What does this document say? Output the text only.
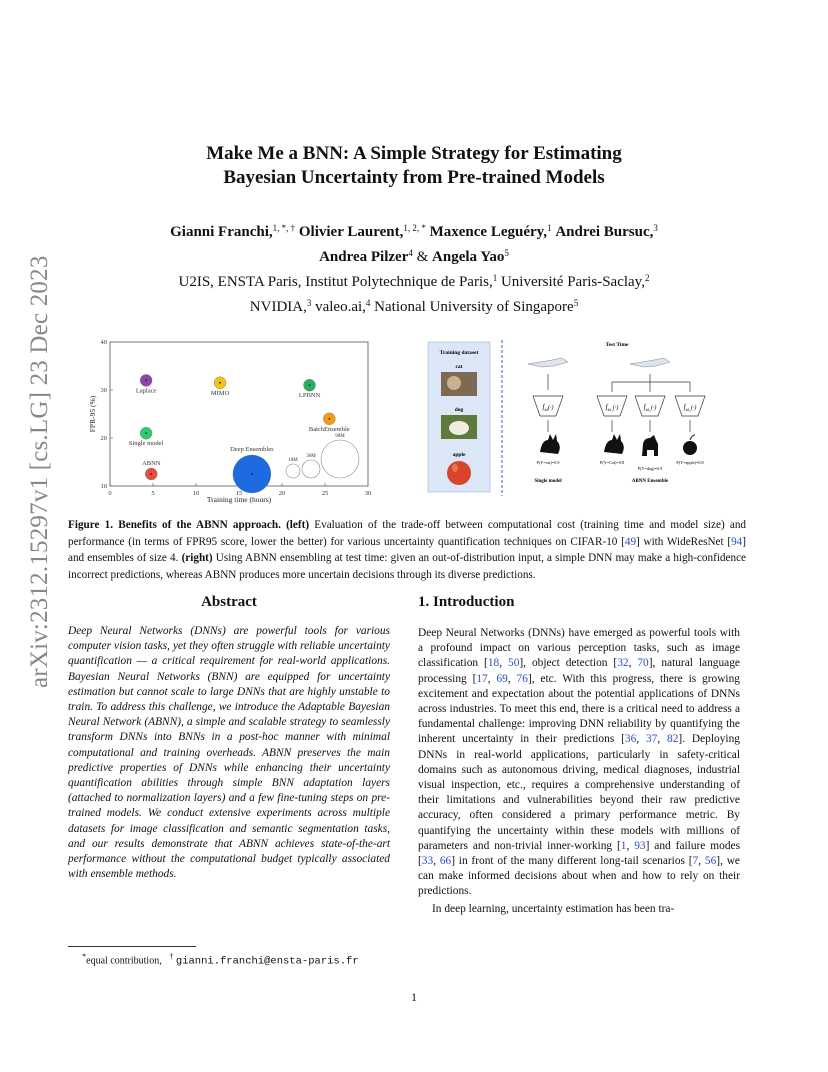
arXiv:2312.15297v1 [cs.LG] 23 Dec 2023
Make Me a BNN: A Simple Strategy for Estimating
Bayesian Uncertainty from Pre-trained Models
Gianni Franchi,$^{1, *, \dagger}$ Olivier Laurent,$^{1, 2, *}$ Maxence Leguéry,$^1$ Andrei Bursuc,$^3$
Andrea Pilzer$^4$ & Angela Yao$^5$
U2IS, ENSTA Paris, Institut Polytechnique de Paris,$^1$ Université Paris-Saclay,$^2$
NVIDIA,$^3$ valeo.ai,$^4$ National University of Singapore$^5$
0	5	10	15	20	25	30
10
20
30
40
Laplace	MIMO	LPBNN
BatchEnsemble
Single model
ABNN
Deep Ensembles
10M
36M
90M
Training time (hours)
FPR-95 (%)
Training dataset
cat
dog
apple
Test Time
$f_\omega(\cdot)$
P(Y=cat)=0.9
Single model
$f_{\omega_1}(\cdot)$	$f_{\omega_2}(\cdot)$	$f_{\omega_3}(\cdot)$
P(Y=Cat)=0.8
P(Y=dog)=0.9
P(Y=apple)=0.8
ABNN Ensemble
Figure 1. Benefits of the ABNN approach. (left) Evaluation of the trade-off between computational cost (training time and model size) and performance (in terms of FPR95 score, lower the better) for various uncertainty quantification techniques on CIFAR-10 [49] with WideResNet [94] and ensembles of size 4. (right) Using ABNN ensembling at test time: given an out-of-distribution input, a simple DNN may make a high-confidence incorrect predictions, whereas ABNN produces more uncertain decisions through its diverse predictions.
Abstract
Deep Neural Networks (DNNs) are powerful tools for various computer vision tasks, yet they often struggle with reliable uncertainty quantification — a critical requirement for real-world applications. Bayesian Neural Networks (BNN) are equipped for uncertainty estimation but cannot scale to large DNNs that are highly unstable to train. To address this challenge, we introduce the Adaptable Bayesian Neural Network (ABNN), a simple and scalable strategy to seamlessly transform DNNs into BNNs in a post-hoc manner with minimal computational and training overheads. ABNN preserves the main predictive properties of DNNs while enhancing their uncertainty quantification abilities through simple BNN adaptation layers (attached to normalization layers) and a few fine-tuning steps on pre-trained models. We conduct extensive experiments across multiple datasets for image classification and semantic segmentation tasks, and our results demonstrate that ABNN achieves state-of-the-art performance without the computational budget typically associated with ensemble methods.
1. Introduction

Deep Neural Networks (DNNs) have emerged as powerful tools with a profound impact on various perception tasks, such as image classification [18, 50], object detection [32, 70], natural language processing [17, 69, 76], etc. With this progress, there is growing excitement and expectation about the potential applications of DNNs across industries. To meet this end, there is a critical need to address a fundamental challenge: improving DNN reliability by quantifying the inherent uncertainty in their predictions [36, 37, 82]. Deploying DNNs in real-world applications, particularly in safety-critical domains such as autonomous driving, medical diagnoses, industrial visual inspection, etc., requires a comprehensive understanding of their limitations and vulnerabilities beyond their raw predictive accuracy, often considered a primary performance metric. By quantifying the uncertainty within these models with millions of parameters and non-trivial inner-working [1, 93] and failure modes [33, 66] in front of the many different long-tail scenarios [7, 56], we can make informed decisions about when and how to rely on their predictions.

In deep learning, uncertainty estimation has been tra-

*equal contribution, † gianni.franchi@ensta-paris.fr
1
